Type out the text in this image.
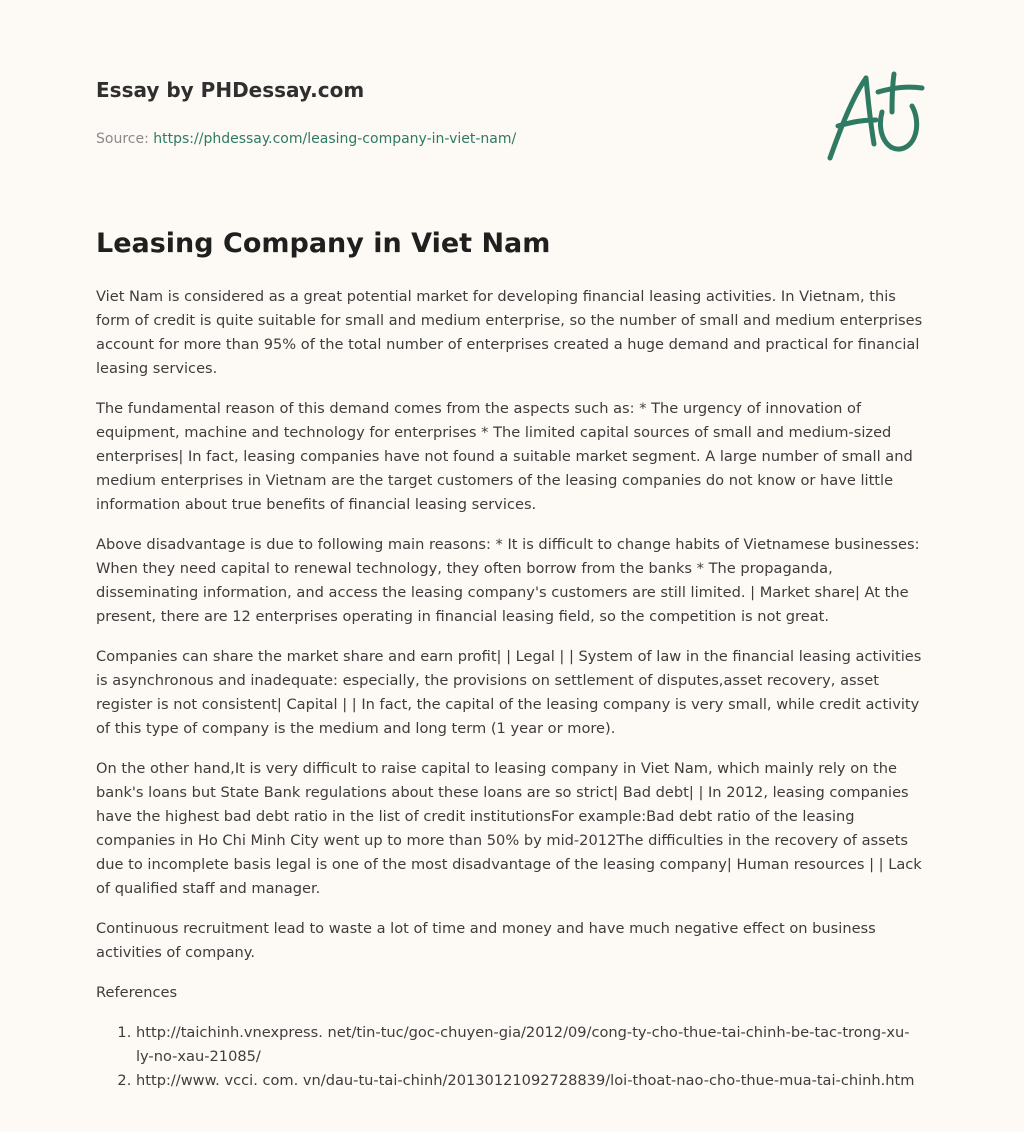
Essay by PHDessay.com
Source: https://phdessay.com/leasing-company-in-viet-nam/
Leasing Company in Viet Nam

Viet Nam is considered as a great potential market for developing financial leasing activities. In Vietnam, this form of credit is quite suitable for small and medium enterprise, so the number of small and medium enterprises account for more than 95% of the total number of enterprises created a huge demand and practical for financial leasing services.

The fundamental reason of this demand comes from the aspects such as: * The urgency of innovation of equipment, machine and technology for enterprises * The limited capital sources of small and medium-sized enterprises| In fact, leasing companies have not found a suitable market segment. A large number of small and medium enterprises in Vietnam are the target customers of the leasing companies do not know or have little information about true benefits of financial leasing services.

Above disadvantage is due to following main reasons: * It is difficult to change habits of Vietnamese businesses: When they need capital to renewal technology, they often borrow from the banks * The propaganda, disseminating information, and access the leasing company's customers are still limited. | Market share| At the present, there are 12 enterprises operating in financial leasing field, so the competition is not great.

Companies can share the market share and earn profit| | Legal | | System of law in the financial leasing activities is asynchronous and inadequate: especially, the provisions on settlement of disputes,asset recovery, asset register is not consistent| Capital | | In fact, the capital of the leasing company is very small, while credit activity of this type of company is the medium and long term (1 year or more).

On the other hand,It is very difficult to raise capital to leasing company in Viet Nam, which mainly rely on the bank's loans but State Bank regulations about these loans are so strict| Bad debt| | In 2012, leasing companies have the highest bad debt ratio in the list of credit institutionsFor example:Bad debt ratio of the leasing companies in Ho Chi Minh City went up to more than 50% by mid-2012The difficulties in the recovery of assets due to incomplete basis legal is one of the most disadvantage of the leasing company| Human resources | | Lack of qualified staff and manager.

Continuous recruitment lead to waste a lot of time and money and have much negative effect on business activities of company.

References

1. http://taichinh.vnexpress. net/tin-tuc/goc-chuyen-gia/2012/09/cong-ty-cho-thue-tai-chinh-be-tac-trong-xu-ly-no-xau-21085/
2. http://www. vcci. com. vn/dau-tu-tai-chinh/20130121092728839/loi-thoat-nao-cho-thue-mua-tai-chinh.htm
